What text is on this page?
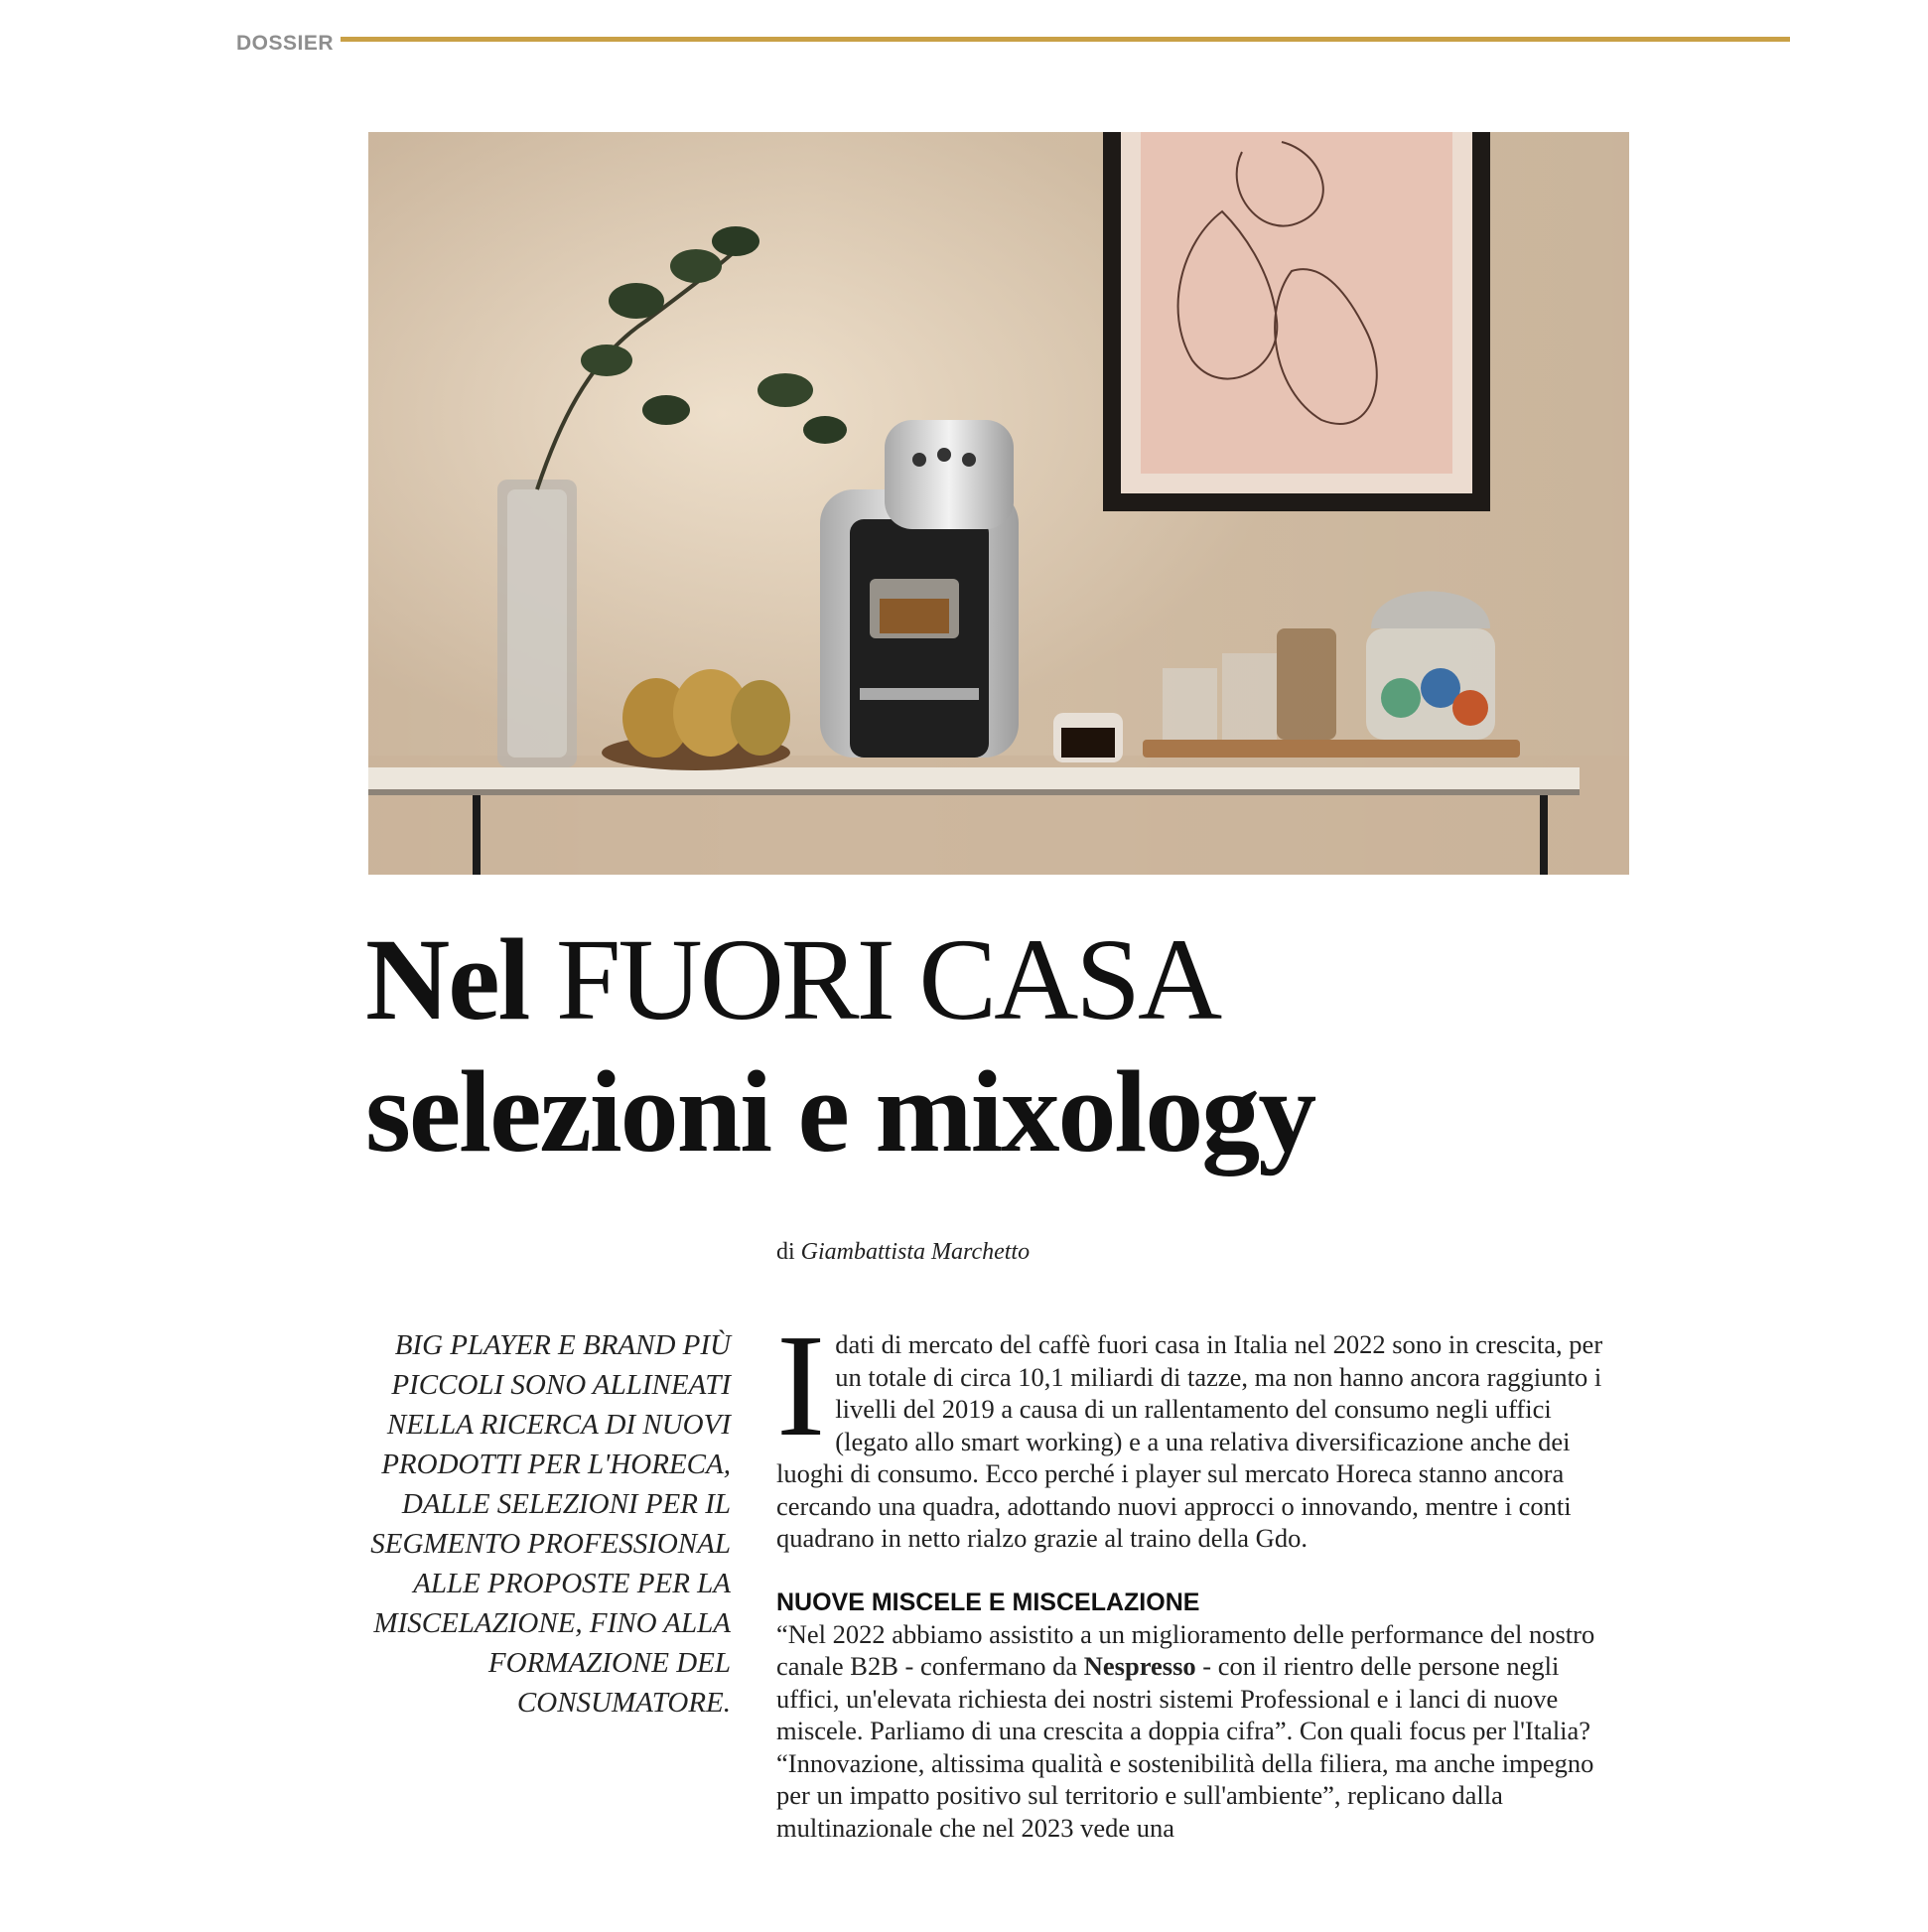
DOSSIER
Nel FUORI CASA
selezioni e mixology
di Giambattista Marchetto
BIG PLAYER E BRAND PIÙ PICCOLI SONO ALLINEATI NELLA RICERCA DI NUOVI PRODOTTI PER L'HORECA, DALLE SELEZIONI PER IL SEGMENTO PROFESSIONAL ALLE PROPOSTE PER LA MISCELAZIONE, FINO ALLA FORMAZIONE DEL CONSUMATORE.

I dati di mercato del caffè fuori casa in Italia nel 2022 sono in crescita, per un totale di circa 10,1 miliardi di tazze, ma non hanno ancora raggiunto i livelli del 2019 a causa di un rallentamento del consumo negli uffici (legato allo smart working) e a una relativa diversificazione anche dei luoghi di consumo. Ecco perché i player sul mercato Horeca stanno ancora cercando una quadra, adottando nuovi approcci o innovando, mentre i conti quadrano in netto rialzo grazie al traino della Gdo.

NUOVE MISCELE E MISCELAZIONE

“Nel 2022 abbiamo assistito a un miglioramento delle performance del nostro canale B2B - confermano da Nespresso - con il rientro delle persone negli uffici, un'elevata richiesta dei nostri sistemi Professional e i lanci di nuove miscele. Parliamo di una crescita a doppia cifra”. Con quali focus per l'Italia? “Innovazione, altissima qualità e sostenibilità della filiera, ma anche impegno per un impatto positivo sul territorio e sull'ambiente”, replicano dalla multinazionale che nel 2023 vede una
